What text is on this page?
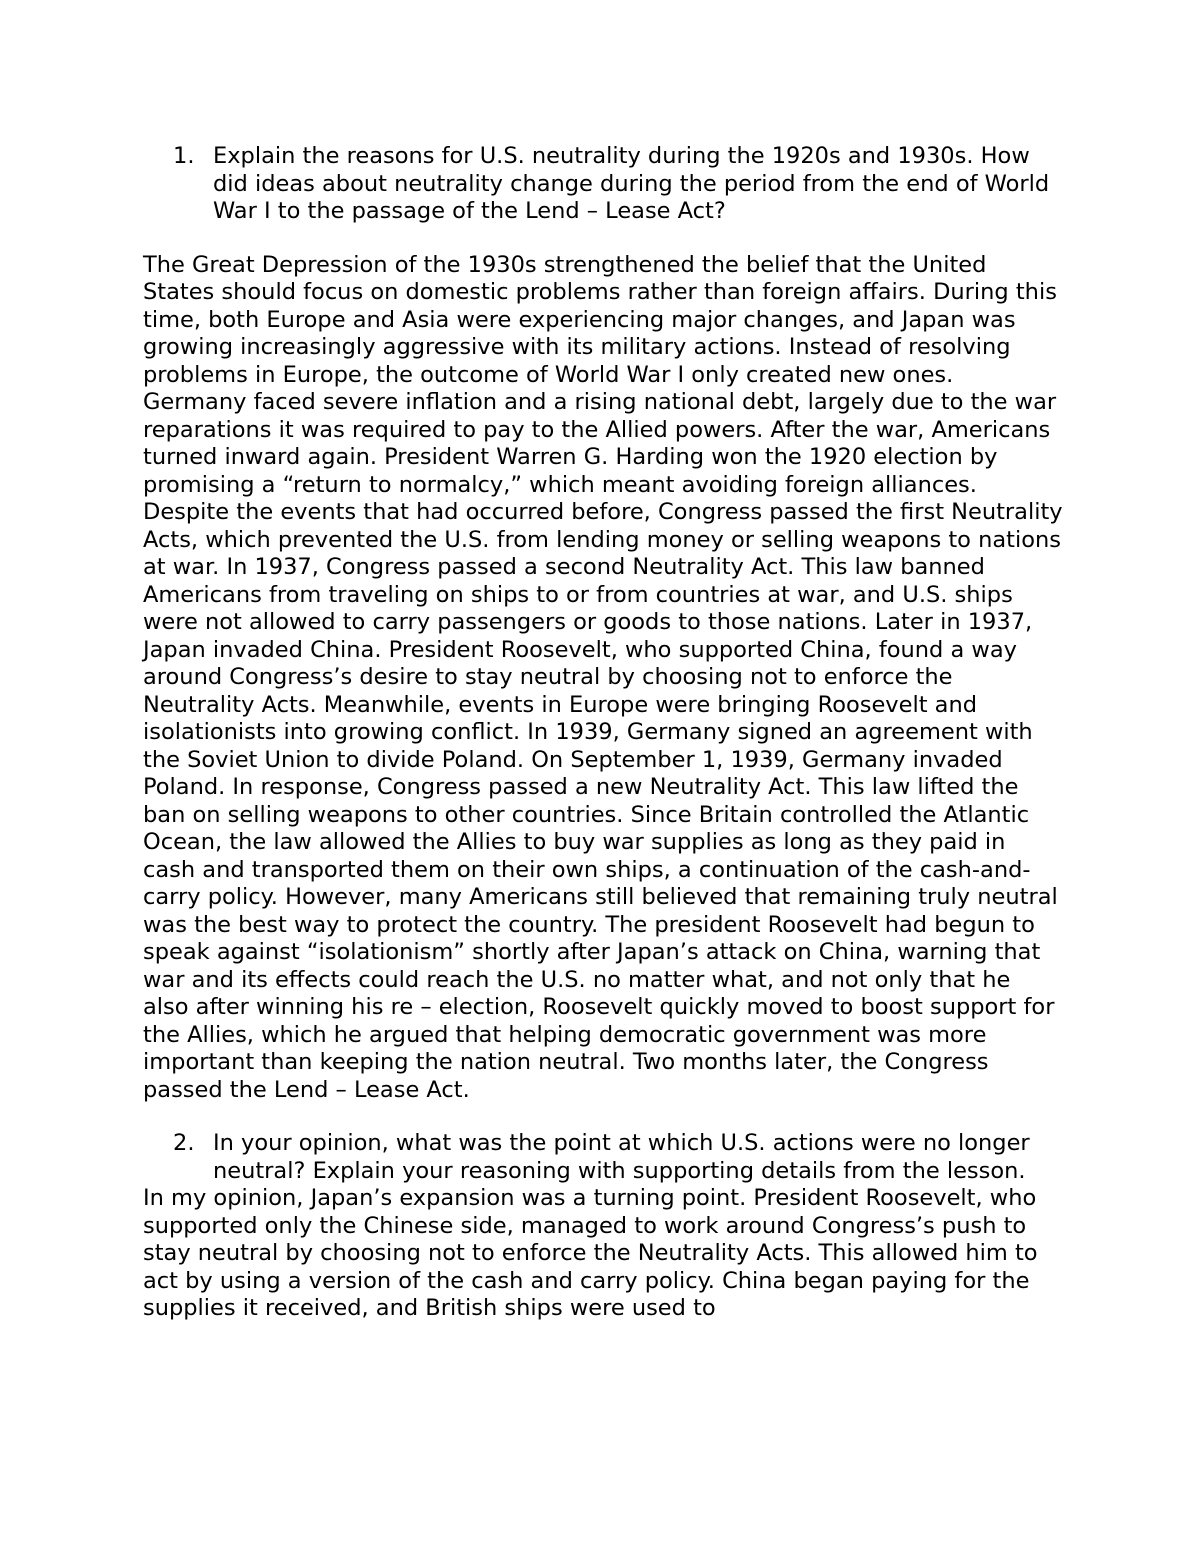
1. Explain the reasons for U.S. neutrality during the 1920s and 1930s. How did ideas about neutrality change during the period from the end of World War I to the passage of the Lend – Lease Act?

The Great Depression of the 1930s strengthened the belief that the United States should focus on domestic problems rather than foreign affairs. During this time, both Europe and Asia were experiencing major changes, and Japan was growing increasingly aggressive with its military actions. Instead of resolving problems in Europe, the outcome of World War I only created new ones. Germany faced severe inflation and a rising national debt, largely due to the war reparations it was required to pay to the Allied powers. After the war, Americans turned inward again. President Warren G. Harding won the 1920 election by promising a “return to normalcy,” which meant avoiding foreign alliances. Despite the events that had occurred before, Congress passed the first Neutrality Acts, which prevented the U.S. from lending money or selling weapons to nations at war. In 1937, Congress passed a second Neutrality Act. This law banned Americans from traveling on ships to or from countries at war, and U.S. ships were not allowed to carry passengers or goods to those nations. Later in 1937, Japan invaded China. President Roosevelt, who supported China, found a way around Congress’s desire to stay neutral by choosing not to enforce the Neutrality Acts. Meanwhile, events in Europe were bringing Roosevelt and isolationists into growing conflict. In 1939, Germany signed an agreement with the Soviet Union to divide Poland. On September 1, 1939, Germany invaded Poland. In response, Congress passed a new Neutrality Act. This law lifted the ban on selling weapons to other countries. Since Britain controlled the Atlantic Ocean, the law allowed the Allies to buy war supplies as long as they paid in cash and transported them on their own ships, a continuation of the cash-and-carry policy. However, many Americans still believed that remaining truly neutral was the best way to protect the country. The president Roosevelt had begun to speak against “isolationism” shortly after Japan’s attack on China, warning that war and its effects could reach the U.S. no matter what, and not only that he also after winning his re – election, Roosevelt quickly moved to boost support for the Allies, which he argued that helping democratic government was more important than keeping the nation neutral. Two months later, the Congress passed the Lend – Lease Act.

2. In your opinion, what was the point at which U.S. actions were no longer neutral? Explain your reasoning with supporting details from the lesson.

In my opinion, Japan’s expansion was a turning point. President Roosevelt, who supported only the Chinese side, managed to work around Congress’s push to stay neutral by choosing not to enforce the Neutrality Acts. This allowed him to act by using a version of the cash and carry policy. China began paying for the supplies it received, and British ships were used to
